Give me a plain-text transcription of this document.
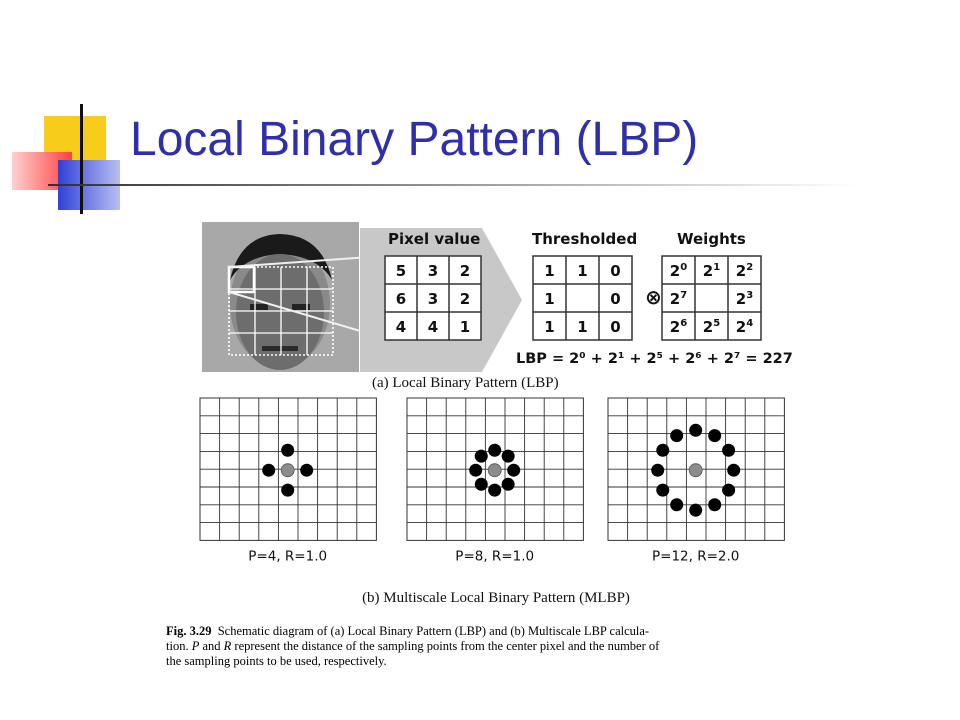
Local Binary Pattern (LBP)
Pixel value
5 3 2
6 3 2
4 4 1
Thresholded
1 1 0
1	0
1 1 0
⊗
Weights
$2^0$ $2^1$ $2^2$
$2^7$	$2^3$
$2^6$ $2^5$ $2^4$
LBP = 2⁰ + 2¹ + 2⁵ + 2⁶ + 2⁷ = 227
(a) Local Binary Pattern (LBP)
P=4, R=1.0	P=8, R=1.0	P=12, R=2.0
(b) Multiscale Local Binary Pattern (MLBP)
Fig. 3.29 Schematic diagram of (a) Local Binary Pattern (LBP) and (b) Multiscale LBP calcula-
tion. P and R represent the distance of the sampling points from the center pixel and the number of
the sampling points to be used, respectively.
